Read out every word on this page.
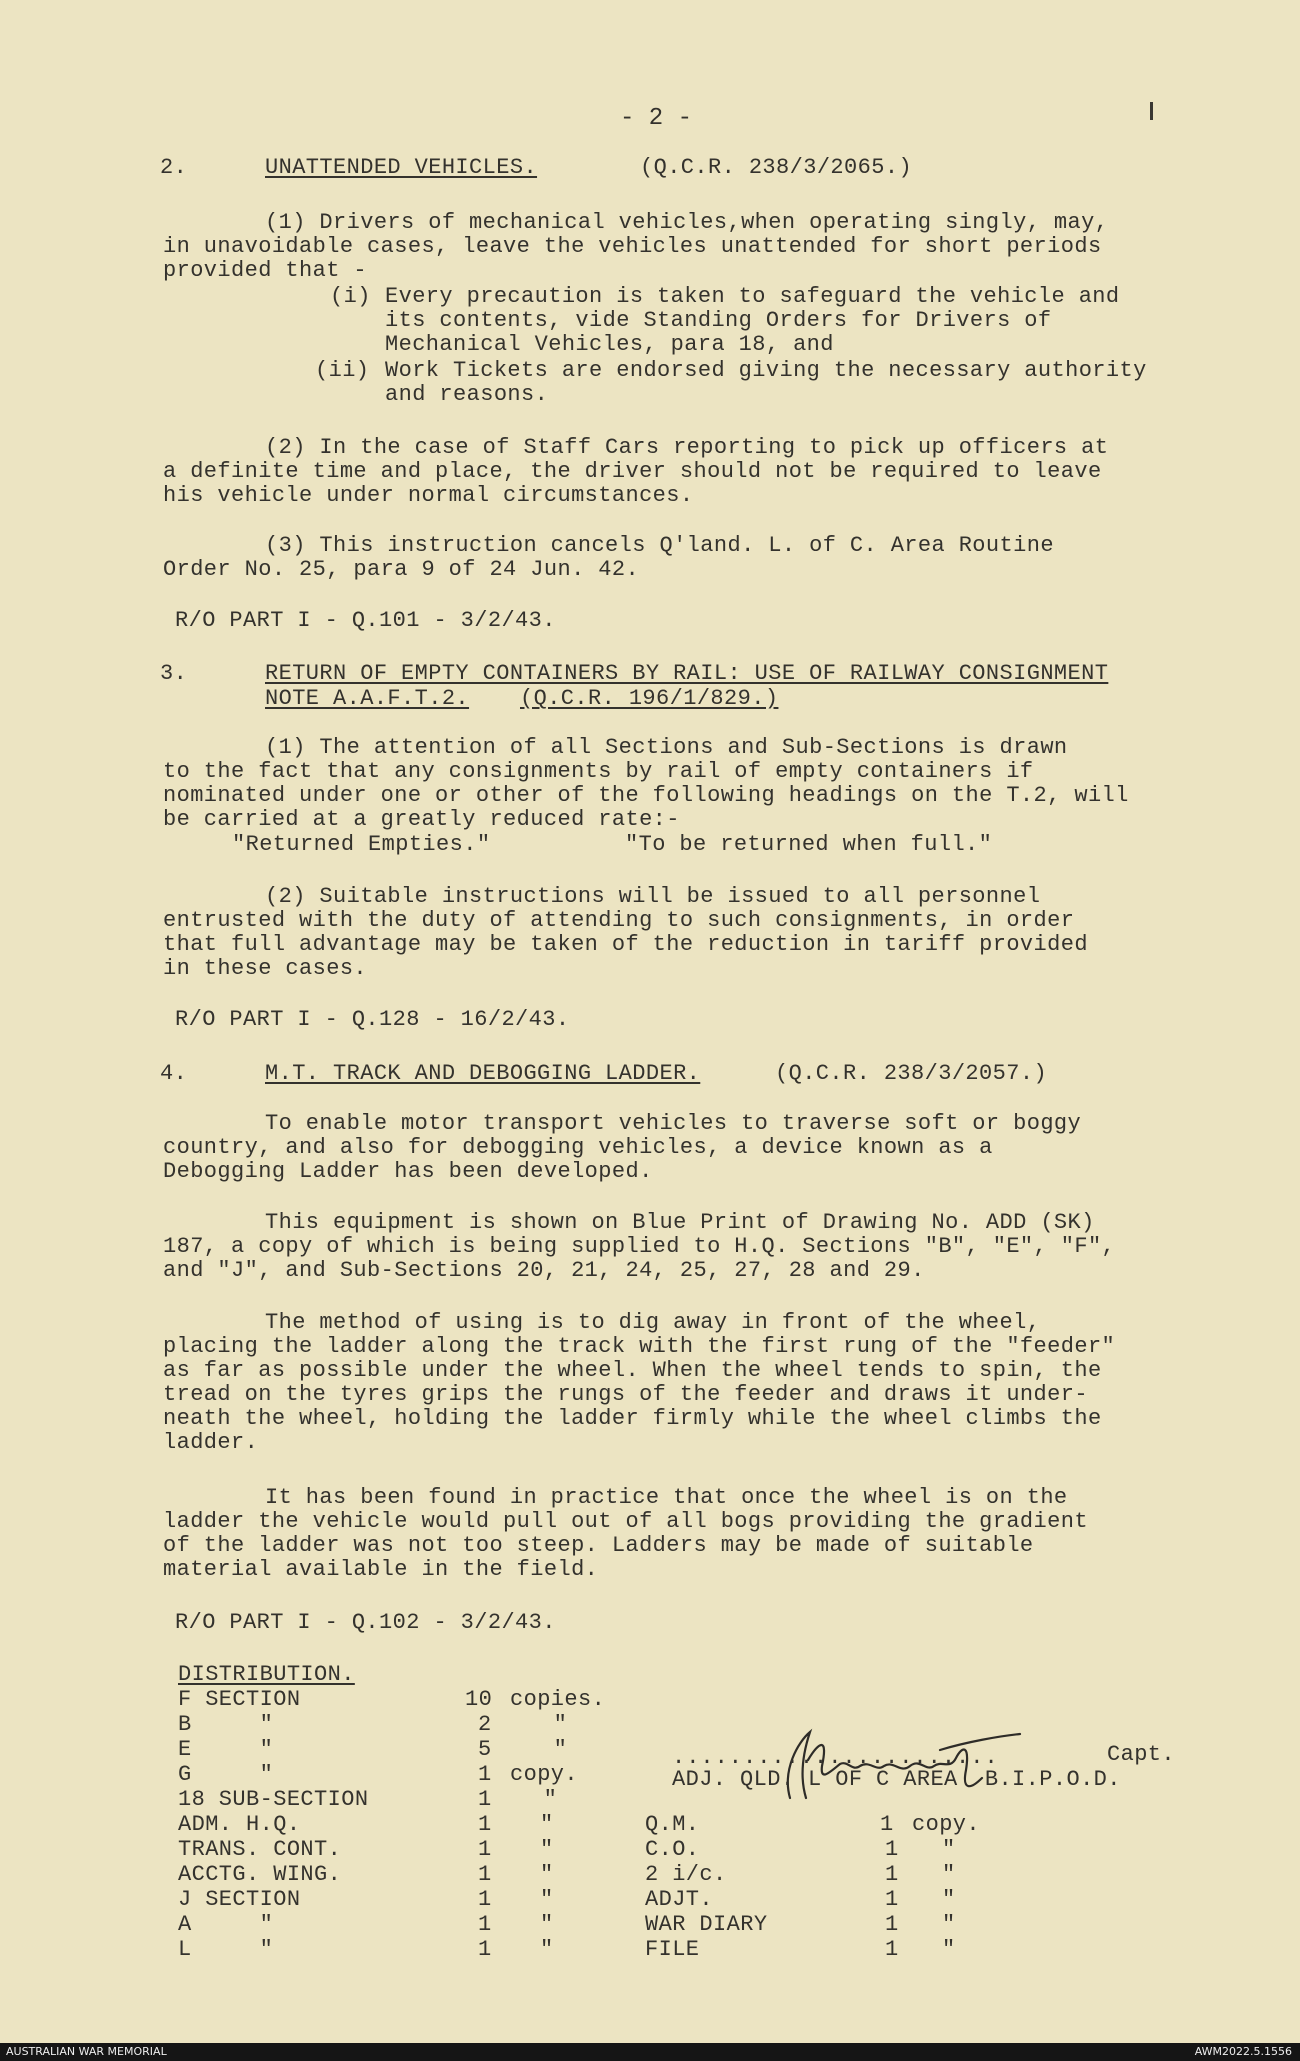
- 2 -
2.	UNATTENDED VEHICLES.	(Q.C.R. 238/3/2065.)
(1) Drivers of mechanical vehicles,when operating singly, may,
in unavoidable cases, leave the vehicles unattended for short periods
provided that -
(i) Every precaution is taken to safeguard the vehicle and
its contents, vide Standing Orders for Drivers of
Mechanical Vehicles, para 18, and
(ii) Work Tickets are endorsed giving the necessary authority
and reasons.
(2) In the case of Staff Cars reporting to pick up officers at
a definite time and place, the driver should not be required to leave
his vehicle under normal circumstances.
(3) This instruction cancels Q'land. L. of C. Area Routine
Order No. 25, para 9 of 24 Jun. 42.
R/O PART I - Q.101 - 3/2/43.
3.	RETURN OF EMPTY CONTAINERS BY RAIL: USE OF RAILWAY CONSIGNMENT
NOTE A.A.F.T.2. (Q.C.R. 196/1/829.)
(1) The attention of all Sections and Sub-Sections is drawn
to the fact that any consignments by rail of empty containers if
nominated under one or other of the following headings on the T.2, will
be carried at a greatly reduced rate:-
"Returned Empties."	"To be returned when full."
(2) Suitable instructions will be issued to all personnel
entrusted with the duty of attending to such consignments, in order
that full advantage may be taken of the reduction in tariff provided
in these cases.
R/O PART I - Q.128 - 16/2/43.
4.	M.T. TRACK AND DEBOGGING LADDER.	(Q.C.R. 238/3/2057.)
To enable motor transport vehicles to traverse soft or boggy
country, and also for debogging vehicles, a device known as a
Debogging Ladder has been developed.
This equipment is shown on Blue Print of Drawing No. ADD (SK)
187, a copy of which is being supplied to H.Q. Sections "B", "E", "F",
and "J", and Sub-Sections 20, 21, 24, 25, 27, 28 and 29.
The method of using is to dig away in front of the wheel,
placing the ladder along the track with the first rung of the "feeder"
as far as possible under the wheel. When the wheel tends to spin, the
tread on the tyres grips the rungs of the feeder and draws it under-
neath the wheel, holding the ladder firmly while the wheel climbs the
ladder.
It has been found in practice that once the wheel is on the
ladder the vehicle would pull out of all bogs providing the gradient
of the ladder was not too steep. Ladders may be made of suitable
material available in the field.
R/O PART I - Q.102 - 3/2/43.
DISTRIBUTION.
F SECTION	10 copies.
B     "	2 "
E     "	5 "
G     "	1 copy.
18 SUB-SECTION	1 "
ADM. H.Q.	1 "	Q.M.	1 copy.
TRANS. CONT.	1 "	C.O.	1 "
ACCTG. WING.	1 "	2 i/c.	1 "
J SECTION	1 "	ADJT.	1 "
A     "	1 "	WAR DIARY	1 "
L     "	1 "	FILE	1 "
.......................	Capt.
ADJ. QLD. L OF C AREA  B.I.P.O.D.
AUSTRALIAN WAR MEMORIAL	AWM2022.5.1556
